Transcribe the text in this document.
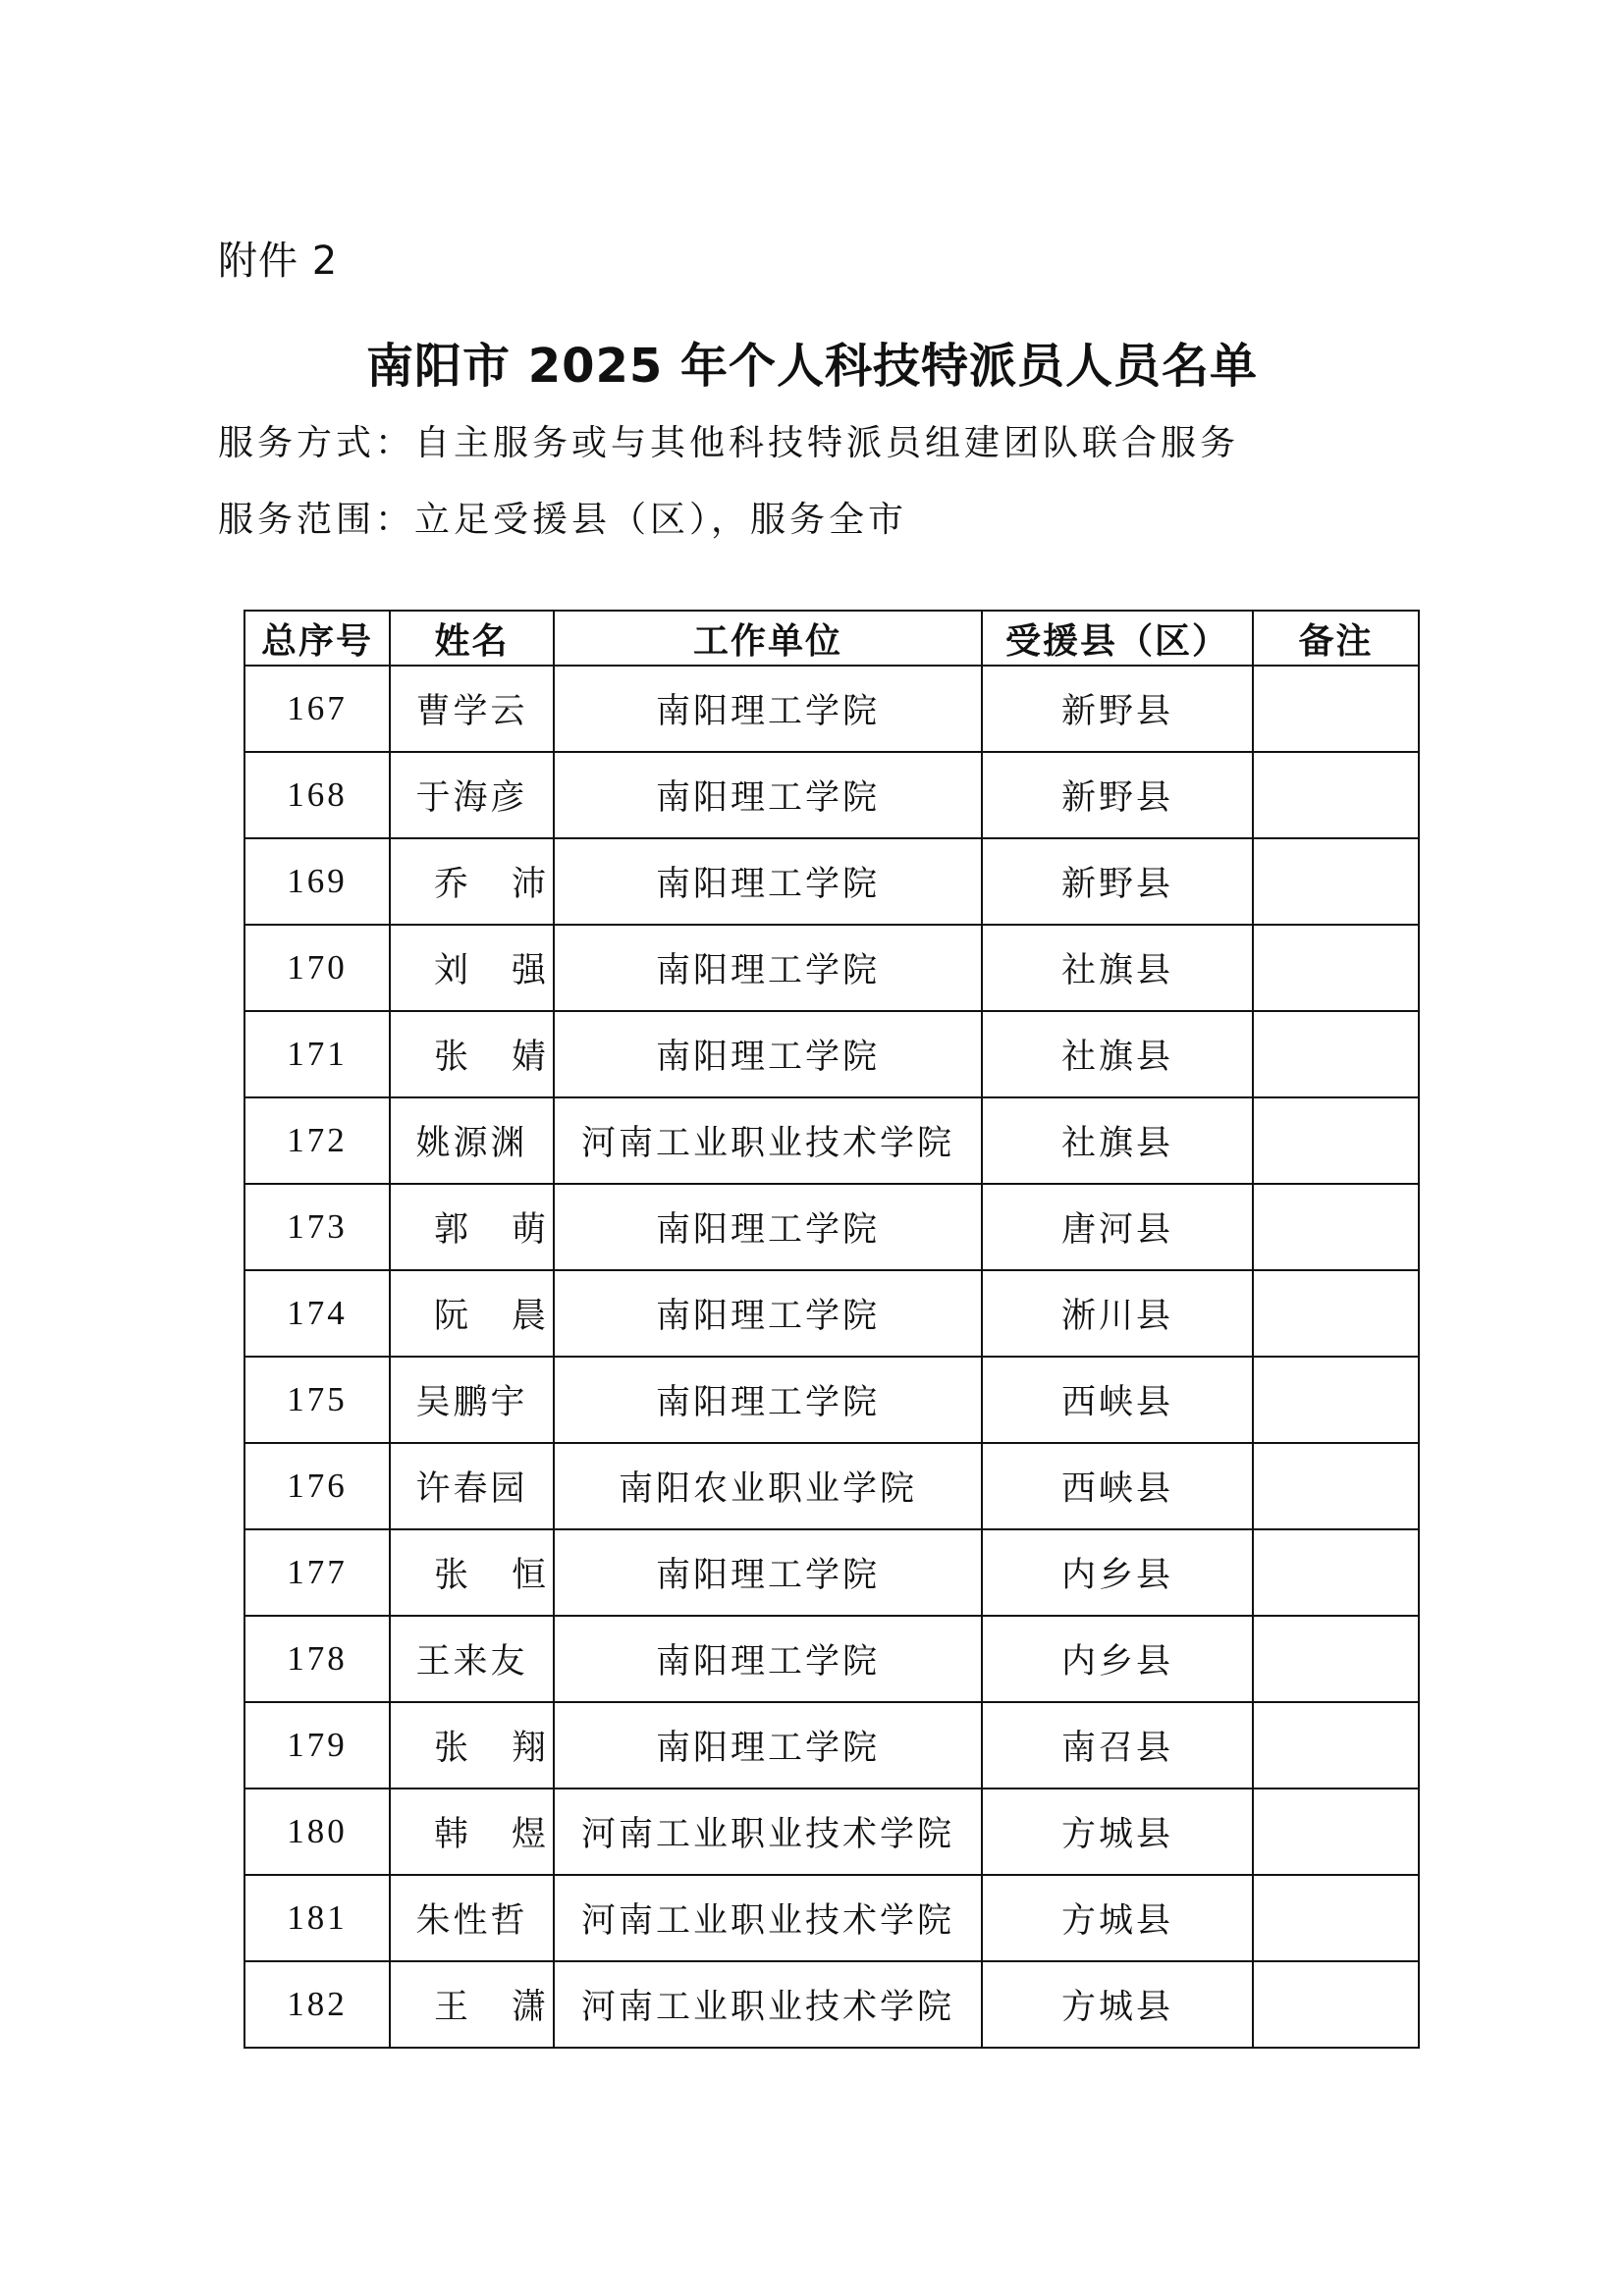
附件 2
南阳市 2025 年个人科技特派员人员名单
服务方式：自主服务或与其他科技特派员组建团队联合服务
服务范围：立足受援县（区），服务全市
总序号	姓名	工作单位	受援县（区）	备注
167	曹学云	南阳理工学院	新野县	
168	于海彦	南阳理工学院	新野县	
169	乔沛	南阳理工学院	新野县	
170	刘强	南阳理工学院	社旗县	
171	张婧	南阳理工学院	社旗县	
172	姚源渊	河南工业职业技术学院	社旗县	
173	郭萌	南阳理工学院	唐河县	
174	阮晨	南阳理工学院	淅川县	
175	吴鹏宇	南阳理工学院	西峡县	
176	许春园	南阳农业职业学院	西峡县	
177	张恒	南阳理工学院	内乡县	
178	王来友	南阳理工学院	内乡县	
179	张翔	南阳理工学院	南召县	
180	韩煜	河南工业职业技术学院	方城县	
181	朱性哲	河南工业职业技术学院	方城县	
182	王潇	河南工业职业技术学院	方城县	
